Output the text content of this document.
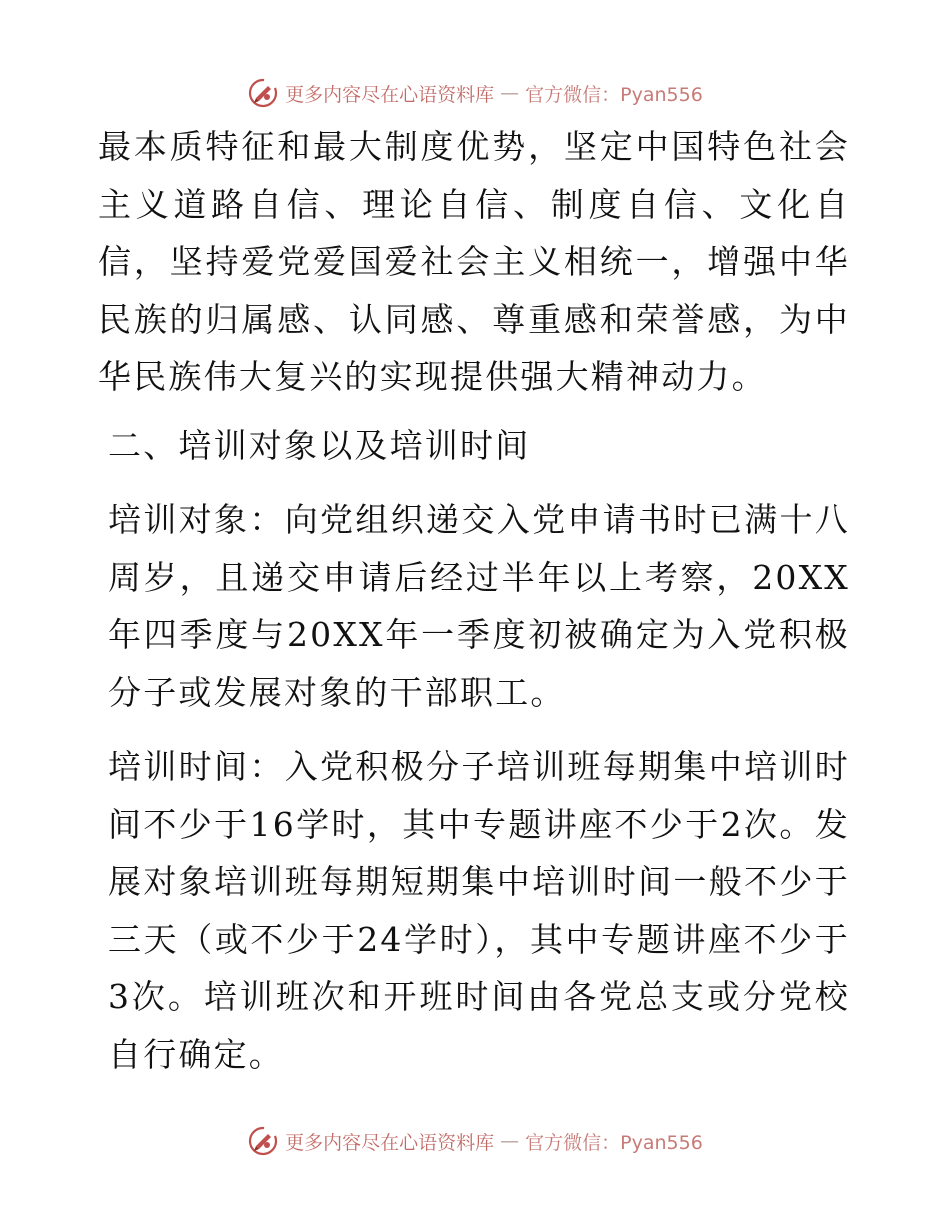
更多内容尽在心语资料库 — 官方微信：Pyan556

最本质特征和最大制度优势，坚定中国特色社会主义道路自信、理论自信、制度自信、文化自信，坚持爱党爱国爱社会主义相统一，增强中华民族的归属感、认同感、尊重感和荣誉感，为中华民族伟大复兴的实现提供强大精神动力。

二、培训对象以及培训时间

培训对象：向党组织递交入党申请书时已满十八周岁，且递交申请后经过半年以上考察，20XX年四季度与20XX年一季度初被确定为入党积极分子或发展对象的干部职工。

培训时间：入党积极分子培训班每期集中培训时间不少于16学时，其中专题讲座不少于2次。发展对象培训班每期短期集中培训时间一般不少于三天（或不少于24学时），其中专题讲座不少于3次。培训班次和开班时间由各党总支或分党校自行确定。

更多内容尽在心语资料库 — 官方微信：Pyan556
